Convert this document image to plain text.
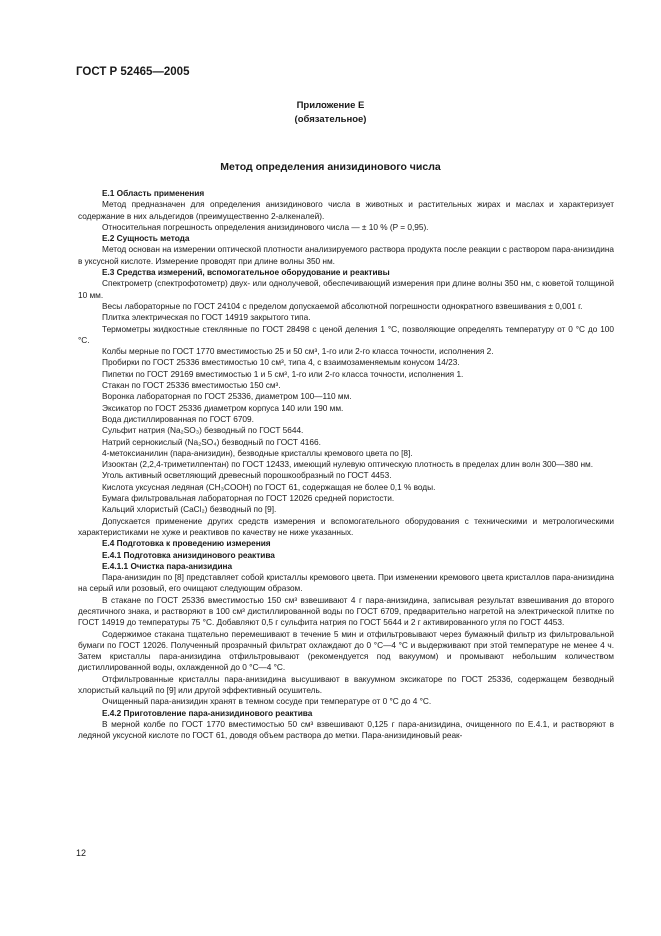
ГОСТ Р 52465—2005
Приложение Е
(обязательное)
Метод определения анизидинового числа

Е.1 Область применения

Метод предназначен для определения анизидинового числа в животных и растительных жирах и маслах и характеризует содержание в них альдегидов (преимущественно 2-алкеналей).

Относительная погрешность определения анизидинового числа — ± 10 % (P = 0,95).

Е.2 Сущность метода

Метод основан на измерении оптической плотности анализируемого раствора продукта после реакции с раствором пара-анизидина в уксусной кислоте. Измерение проводят при длине волны 350 нм.

Е.3 Средства измерений, вспомогательное оборудование и реактивы

Спектрометр (спектрофотометр) двух- или однолучевой, обеспечивающий измерения при длине волны 350 нм, с кюветой толщиной 10 мм.

Весы лабораторные по ГОСТ 24104 с пределом допускаемой абсолютной погрешности однократного взвешивания ± 0,001 г.

Плитка электрическая по ГОСТ 14919 закрытого типа.

Термометры жидкостные стеклянные по ГОСТ 28498 с ценой деления 1 °С, позволяющие определять температуру от 0 °С до 100 °С.

Колбы мерные по ГОСТ 1770 вместимостью 25 и 50 см³, 1-го или 2-го класса точности, исполнения 2.

Пробирки по ГОСТ 25336 вместимостью 10 см³, типа 4, с взаимозаменяемым конусом 14/23.

Пипетки по ГОСТ 29169 вместимостью 1 и 5 см³, 1-го или 2-го класса точности, исполнения 1.

Стакан по ГОСТ 25336 вместимостью 150 см³.

Воронка лабораторная по ГОСТ 25336, диаметром 100—110 мм.

Эксикатор по ГОСТ 25336 диаметром корпуса 140 или 190 мм.

Вода дистиллированная по ГОСТ 6709.

Сульфит натрия (Na₂SO₃) безводный по ГОСТ 5644.

Натрий сернокислый (Na₂SO₄) безводный по ГОСТ 4166.

4-метоксианилин (пара-анизидин), безводные кристаллы кремового цвета по [8].

Изооктан (2,2,4-триметилпентан) по ГОСТ 12433, имеющий нулевую оптическую плотность в пределах длин волн 300—380 нм.

Уголь активный осветляющий древесный порошкообразный по ГОСТ 4453.

Кислота уксусная ледяная (CH₃COOH) по ГОСТ 61, содержащая не более 0,1 % воды.

Бумага фильтровальная лабораторная по ГОСТ 12026 средней пористости.

Кальций хлористый (CaCl₂) безводный по [9].

Допускается применение других средств измерения и вспомогательного оборудования с техническими и метрологическими характеристиками не хуже и реактивов по качеству не ниже указанных.

Е.4 Подготовка к проведению измерения

Е.4.1 Подготовка анизидинового реактива

Е.4.1.1 Очистка пара-анизидина

Пара-анизидин по [8] представляет собой кристаллы кремового цвета. При изменении кремового цвета кристаллов пара-анизидина на серый или розовый, его очищают следующим образом.

В стакане по ГОСТ 25336 вместимостью 150 см³ взвешивают 4 г пара-анизидина, записывая результат взвешивания до второго десятичного знака, и растворяют в 100 см³ дистиллированной воды по ГОСТ 6709, предварительно нагретой на электрической плитке по ГОСТ 14919 до температуры 75 °С. Добавляют 0,5 г сульфита натрия по ГОСТ 5644 и 2 г активированного угля по ГОСТ 4453.

Содержимое стакана тщательно перемешивают в течение 5 мин и отфильтровывают через бумажный фильтр из фильтровальной бумаги по ГОСТ 12026. Полученный прозрачный фильтрат охлаждают до 0 °С—4 °С и выдерживают при этой температуре не менее 4 ч. Затем кристаллы пара-анизидина отфильтровывают (рекомендуется под вакуумом) и промывают небольшим количеством дистиллированной воды, охлажденной до 0 °С—4 °С.

Отфильтрованные кристаллы пара-анизидина высушивают в вакуумном эксикаторе по ГОСТ 25336, содержащем безводный хлористый кальций по [9] или другой эффективный осушитель.

Очищенный пара-анизидин хранят в темном сосуде при температуре от 0 °С до 4 °С.

Е.4.2 Приготовление пара-анизидинового реактива

В мерной колбе по ГОСТ 1770 вместимостью 50 см³ взвешивают 0,125 г пара-анизидина, очищенного по Е.4.1, и растворяют в ледяной уксусной кислоте по ГОСТ 61, доводя объем раствора до метки. Пара-анизидиновый реак-

12
